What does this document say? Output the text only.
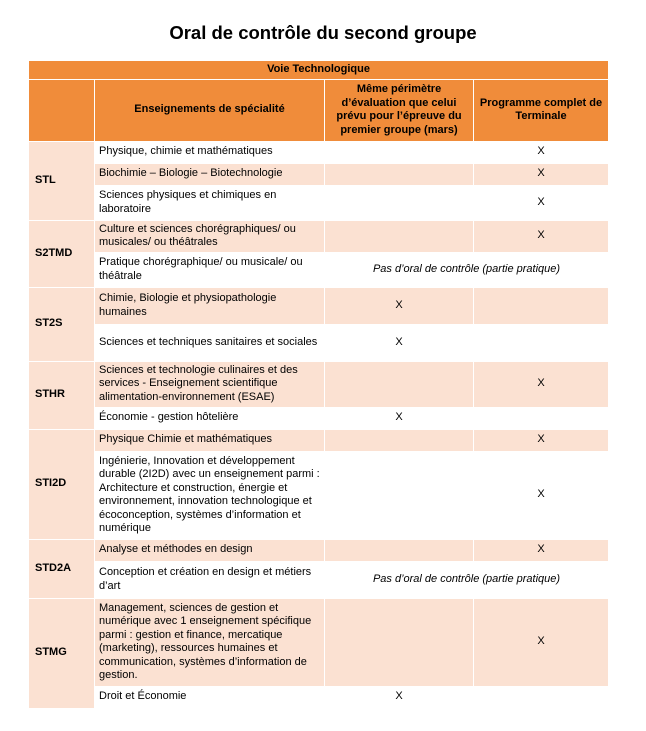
Oral de contrôle du second groupe
Voie Technologique			
	Enseignements de spécialité	Même périmètre d’évaluation que celui prévu pour l’épreuve du premier groupe (mars)	Programme complet de Terminale
STL	Physique, chimie et mathématiques		X
	Biochimie – Biologie – Biotechnologie		X
	Sciences physiques et chimiques en laboratoire		X
S2TMD	Culture et sciences chorégraphiques/ ou musicales/ ou théâtrales		X
	Pratique chorégraphique/ ou musicale/ ou théâtrale	Pas d’oral de contrôle (partie pratique)	
ST2S	Chimie, Biologie et physiopathologie humaines	X	
	Sciences et techniques sanitaires et sociales	X	
STHR	Sciences et technologie culinaires et des services - Enseignement scientifique alimentation-environnement (ESAE)		X
	Économie - gestion hôtelière	X	
STI2D	Physique Chimie et mathématiques		X
	Ingénierie, Innovation et développement durable (2I2D) avec un enseignement parmi : Architecture et construction, énergie et environnement, innovation technologique et écoconception, systèmes d’information et numérique		X
STD2A	Analyse et méthodes en design		X
	Conception et création en design et métiers d’art	Pas d’oral de contrôle (partie pratique)	
STMG	Management, sciences de gestion et numérique avec 1 enseignement spécifique parmi : gestion et finance, mercatique (marketing), ressources humaines et communication, systèmes d’information de gestion.		X
	Droit et Économie	X	
